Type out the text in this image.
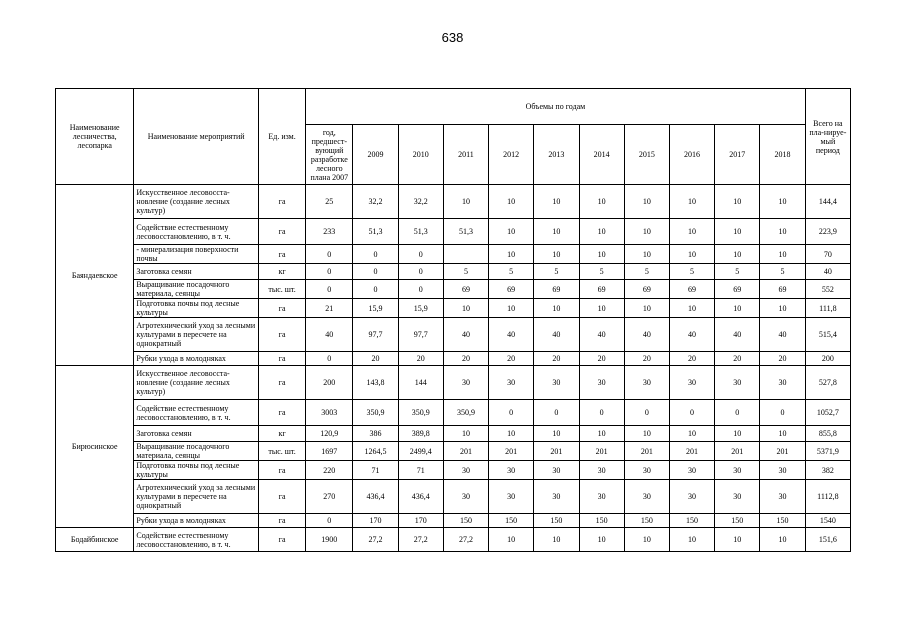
638
Наименование лесничества, лесопарка	Наименование мероприятий	Ед. изм.	Объемы по годам											Всего на пла-нируе-мый период
			год, предшест-вующий разработке лесного плана 2007	2009	2010	2011	2012	2013	2014	2015	2016	2017	2018	
Баяндаевское	Искусственное лесовосста-новление (создание лесных культур)	га	25	32,2	32,2	10	10	10	10	10	10	10	10	144,4
	Содействие естественному лесовосстановлению, в т. ч.	га	233	51,3	51,3	51,3	10	10	10	10	10	10	10	223,9
	- минерализация поверхности почвы	га	0	0	0		10	10	10	10	10	10	10	70
	Заготовка семян	кг	0	0	0	5	5	5	5	5	5	5	5	40
	Выращивание посадочного материала, сеянцы	тыс. шт.	0	0	0	69	69	69	69	69	69	69	69	552
	Подготовка почвы под лесные культуры	га	21	15,9	15,9	10	10	10	10	10	10	10	10	111,8
	Агротехнический уход за лесными культурами в пересчете на однократный	га	40	97,7	97,7	40	40	40	40	40	40	40	40	515,4
	Рубки ухода в молодняках	га	0	20	20	20	20	20	20	20	20	20	20	200
Бирюсинское	Искусственное лесовосста-новление (создание лесных культур)	га	200	143,8	144	30	30	30	30	30	30	30	30	527,8
	Содействие естественному лесовосстановлению, в т. ч.	га	3003	350,9	350,9	350,9	0	0	0	0	0	0	0	1052,7
	Заготовка семян	кг	120,9	386	389,8	10	10	10	10	10	10	10	10	855,8
	Выращивание посадочного материала, сеянцы	тыс. шт.	1697	1264,5	2499,4	201	201	201	201	201	201	201	201	5371,9
	Подготовка почвы под лесные культуры	га	220	71	71	30	30	30	30	30	30	30	30	382
	Агротехнический уход за лесными культурами в пересчете на однократный	га	270	436,4	436,4	30	30	30	30	30	30	30	30	1112,8
	Рубки ухода в молодняках	га	0	170	170	150	150	150	150	150	150	150	150	1540
Бодайбинское	Содействие естественному лесовосстановлению, в т. ч.	га	1900	27,2	27,2	27,2	10	10	10	10	10	10	10	151,6
